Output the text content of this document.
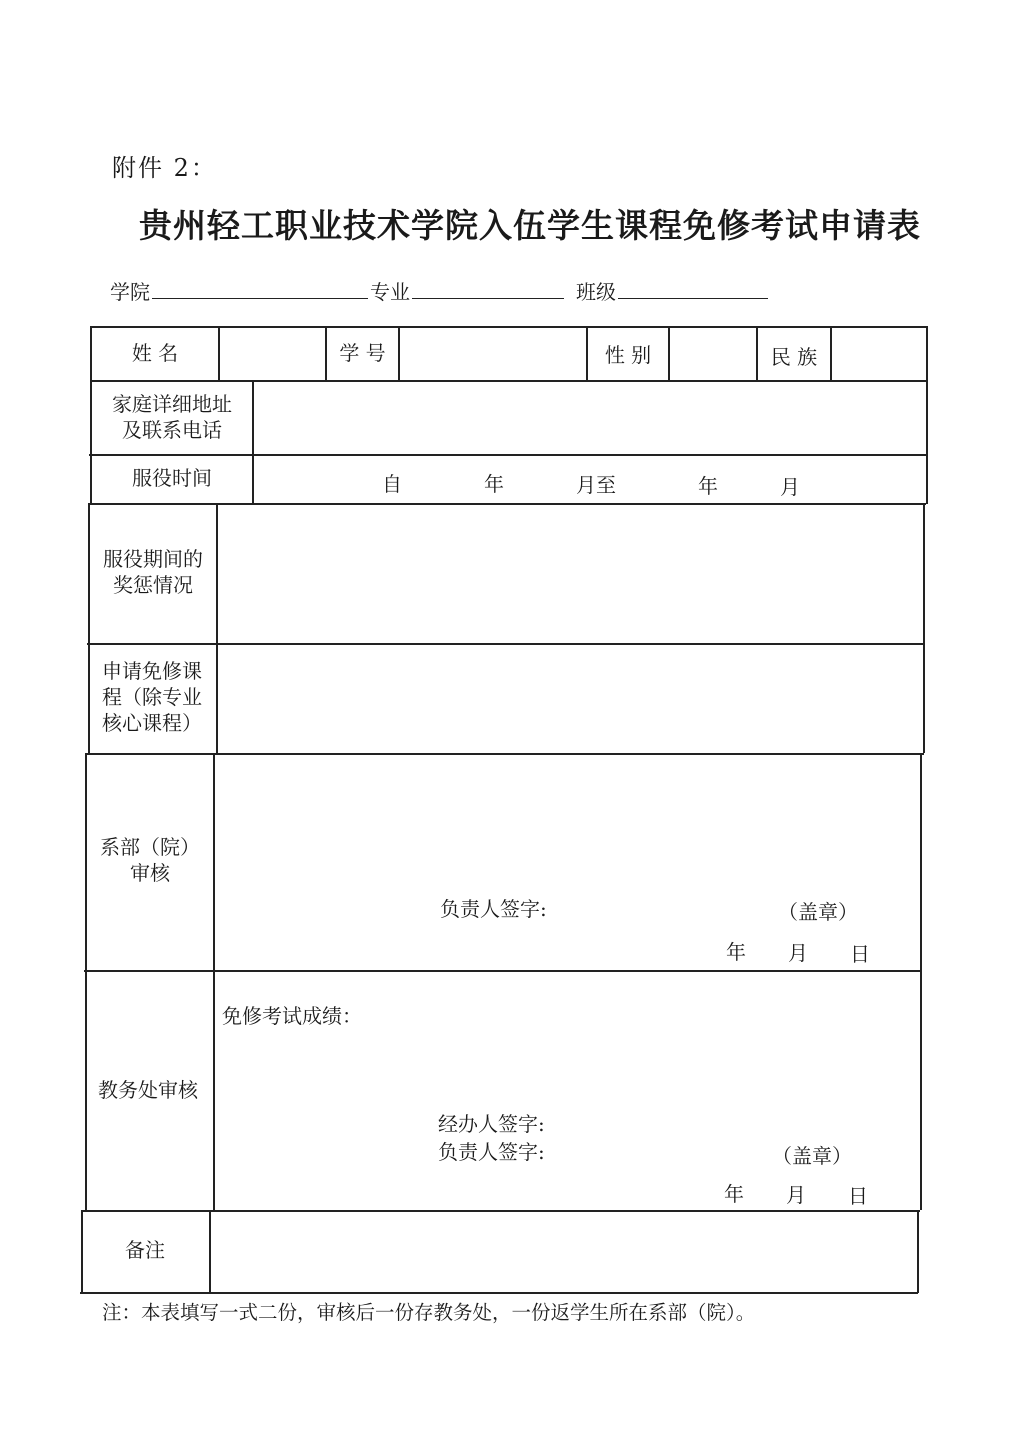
附件 2：
贵州轻工职业技术学院入伍学生课程免修考试申请表
学院	专业	班级
姓 名	学 号	性 别	民 族
家庭详细地址
及联系电话
服役时间	自	年	月至	年	月
服役期间的
奖惩情况
申请免修课
程（除专业
核心课程）
系部（院）
审核
负责人签字:	（盖章）
年 月 日
教务处审核
免修考试成绩：
经办人签字:
负责人签字:	（盖章）
年 月 日
备注
注：本表填写一式二份，审核后一份存教务处，一份返学生所在系部（院）。
